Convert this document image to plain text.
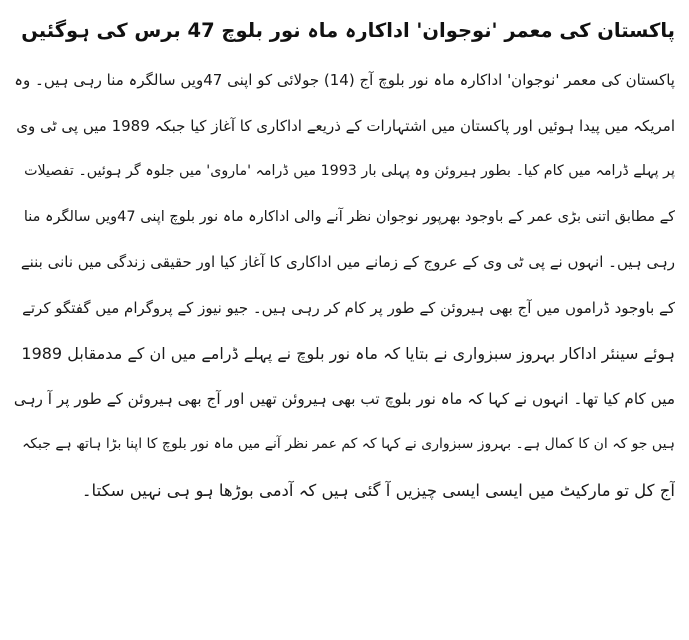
پاکستان کی معمر 'نوجوان' اداکارہ ماہ نور بلوچ 47 برس کی ہوگئیں
پاکستان کی معمر 'نوجوان' اداکارہ ماہ نور بلوچ آج (14) جولائی کو اپنی 47ویں سالگرہ منا رہی ہیں۔ وہ
امریکہ میں پیدا ہوئیں اور پاکستان میں اشتہارات کے ذریعے اداکاری کا آغاز کیا جبکہ 1989 میں پی ٹی وی
پر پہلے ڈرامہ میں کام کیا۔ بطور ہیروئن وہ پہلی بار 1993 میں ڈرامہ 'ماروی' میں جلوہ گر ہوئیں۔ تفصیلات
کے مطابق اتنی بڑی عمر کے باوجود بھرپور نوجوان نظر آنے والی اداکارہ ماہ نور بلوچ اپنی 47ویں سالگرہ منا
رہی ہیں۔ انہوں نے پی ٹی وی کے عروج کے زمانے میں اداکاری کا آغاز کیا اور حقیقی زندگی میں نانی بننے
کے باوجود ڈراموں میں آج بھی ہیروئن کے طور پر کام کر رہی ہیں۔ جیو نیوز کے پروگرام میں گفتگو کرتے
ہوئے سینئر اداکار بہروز سبزواری نے بتایا کہ ماہ نور بلوچ نے پہلے ڈرامے میں ان کے مدمقابل 1989
میں کام کیا تھا۔ انہوں نے کہا کہ ماہ نور بلوچ تب بھی ہیروئن تھیں اور آج بھی ہیروئن کے طور پر آ رہی
ہیں جو کہ ان کا کمال ہے۔ بہروز سبزواری نے کہا کہ کم عمر نظر آنے میں ماہ نور بلوچ کا اپنا بڑا ہاتھ ہے جبکہ
آج کل تو مارکیٹ میں ایسی ایسی چیزیں آ گئی ہیں کہ آدمی بوڑھا ہو ہی نہیں سکتا۔
